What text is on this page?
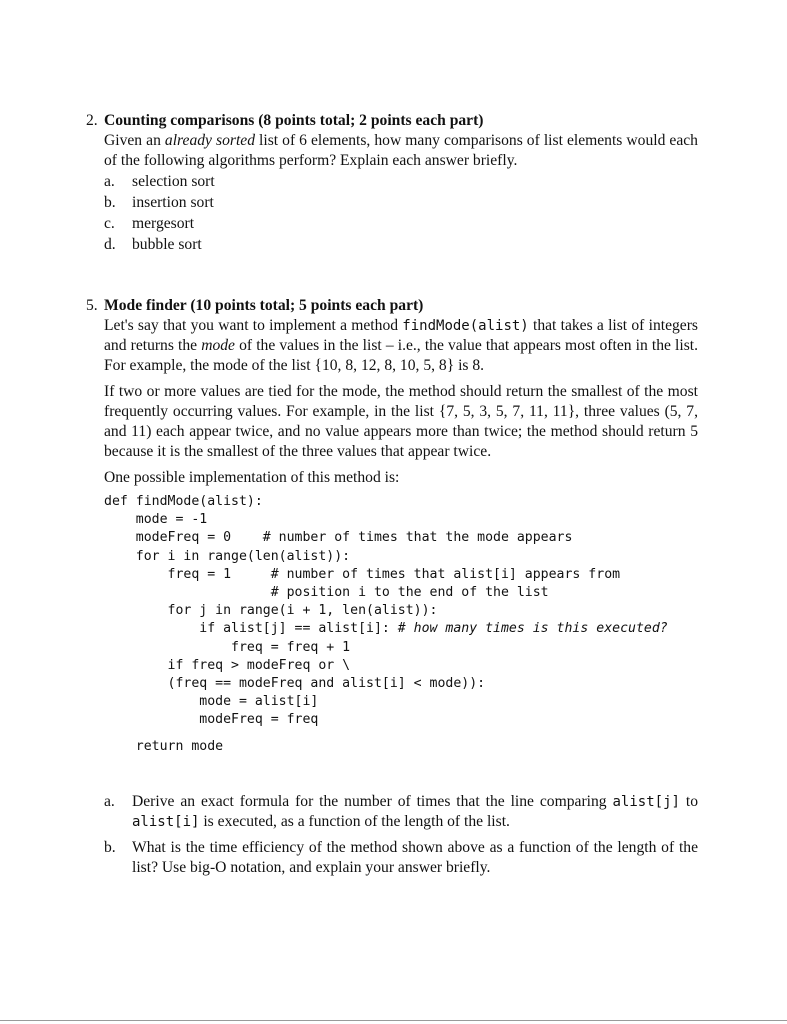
2. Counting comparisons (8 points total; 2 points each part)
Given an already sorted list of 6 elements, how many comparisons of list elements would each of the following algorithms perform? Explain each answer briefly.
a.	selection sort
b.	insertion sort
c.	mergesort
d.	bubble sort
5. Mode finder (10 points total; 5 points each part)
Let's say that you want to implement a method findMode(alist) that takes a list of integers and returns the mode of the values in the list – i.e., the value that appears most often in the list. For example, the mode of the list {10, 8, 12, 8, 10, 5, 8} is 8.
If two or more values are tied for the mode, the method should return the smallest of the most frequently occurring values. For example, in the list {7, 5, 3, 5, 7, 11, 11}, three values (5, 7, and 11) each appear twice, and no value appears more than twice; the method should return 5 because it is the smallest of the three values that appear twice.
One possible implementation of this method is:
def findMode(alist):
mode = -1
modeFreq = 0    # number of times that the mode appears
for i in range(len(alist)):
freq = 1     # number of times that alist[i] appears from
# position i to the end of the list
for j in range(i + 1, len(alist)):
if alist[j] == alist[i]: # how many times is this executed?
freq = freq + 1
if freq > modeFreq or \
(freq == modeFreq and alist[i] < mode)):
mode = alist[i]
modeFreq = freq
return mode
a.	Derive an exact formula for the number of times that the line comparing alist[j] to alist[i] is executed, as a function of the length of the list.
b.	What is the time efficiency of the method shown above as a function of the length of the list? Use big-O notation, and explain your answer briefly.
